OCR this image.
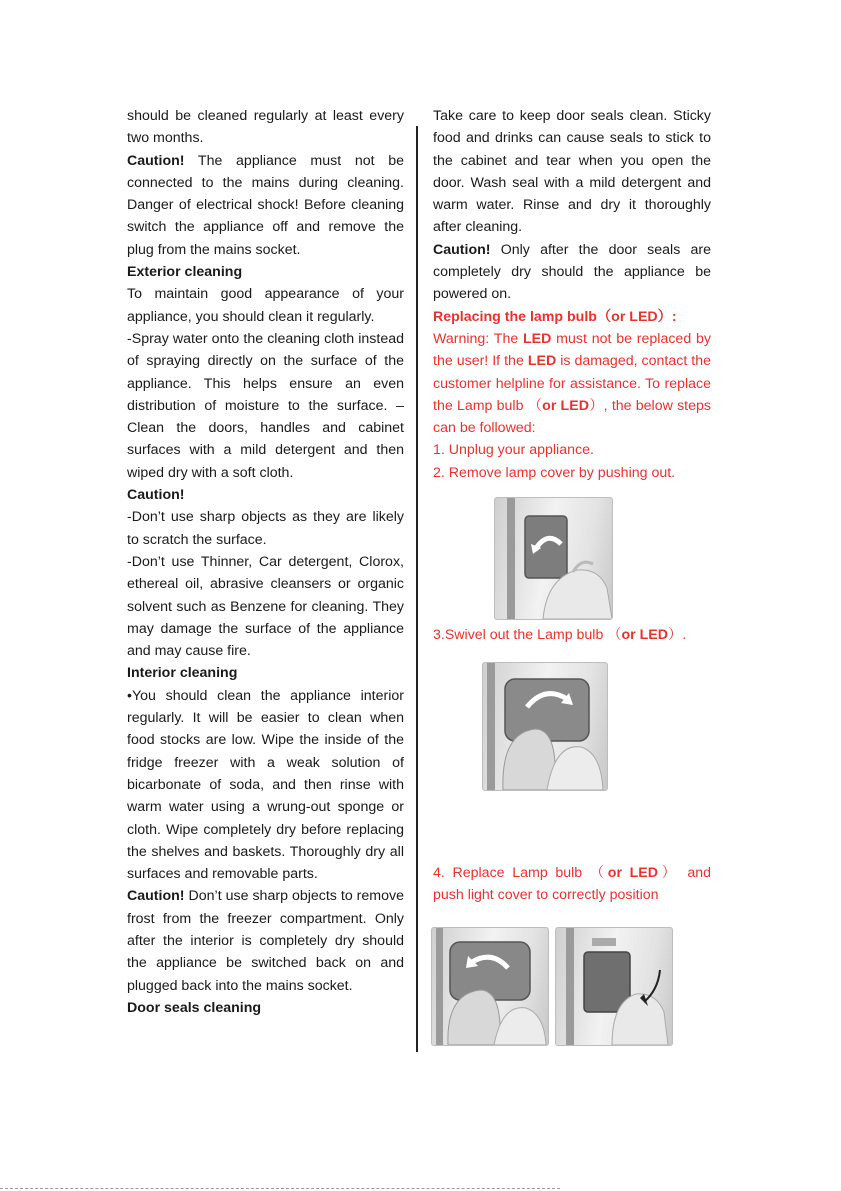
should be cleaned regularly at least every two months.

Caution! The appliance must not be connected to the mains during cleaning. Danger of electrical shock! Before cleaning switch the appliance off and remove the plug from the mains socket.

Exterior cleaning

To maintain good appearance of your appliance, you should clean it regularly.

-Spray water onto the cleaning cloth instead of spraying directly on the surface of the appliance. This helps ensure an even distribution of moisture to the surface. –Clean the doors, handles and cabinet surfaces with a mild detergent and then wiped dry with a soft cloth.

Caution!

-Don’t use sharp objects as they are likely to scratch the surface.

-Don’t use Thinner, Car detergent, Clorox, ethereal oil, abrasive cleansers or organic solvent such as Benzene for cleaning. They may damage the surface of the appliance and may cause fire.

Interior cleaning

•You should clean the appliance interior regularly. It will be easier to clean when food stocks are low. Wipe the inside of the fridge freezer with a weak solution of bicarbonate of soda, and then rinse with warm water using a wrung-out sponge or cloth. Wipe completely dry before replacing the shelves and baskets. Thoroughly dry all surfaces and removable parts.

Caution! Don’t use sharp objects to remove frost from the freezer compartment. Only after the interior is completely dry should the appliance be switched back on and plugged back into the mains socket.

Door seals cleaning

Take care to keep door seals clean. Sticky food and drinks can cause seals to stick to the cabinet and tear when you open the door. Wash seal with a mild detergent and warm water. Rinse and dry it thoroughly after cleaning.

Caution! Only after the door seals are completely dry should the appliance be powered on.

Replacing the lamp bulb（or LED）:

Warning: The LED must not be replaced by the user! If the LED is damaged, contact the customer helpline for assistance. To replace the Lamp bulb （or LED）, the below steps can be followed:

1. Unplug your appliance.

2. Remove lamp cover by pushing out.

3.Swivel out the Lamp bulb （or LED）.

4. Replace Lamp bulb （or LED） and push light cover to correctly position
